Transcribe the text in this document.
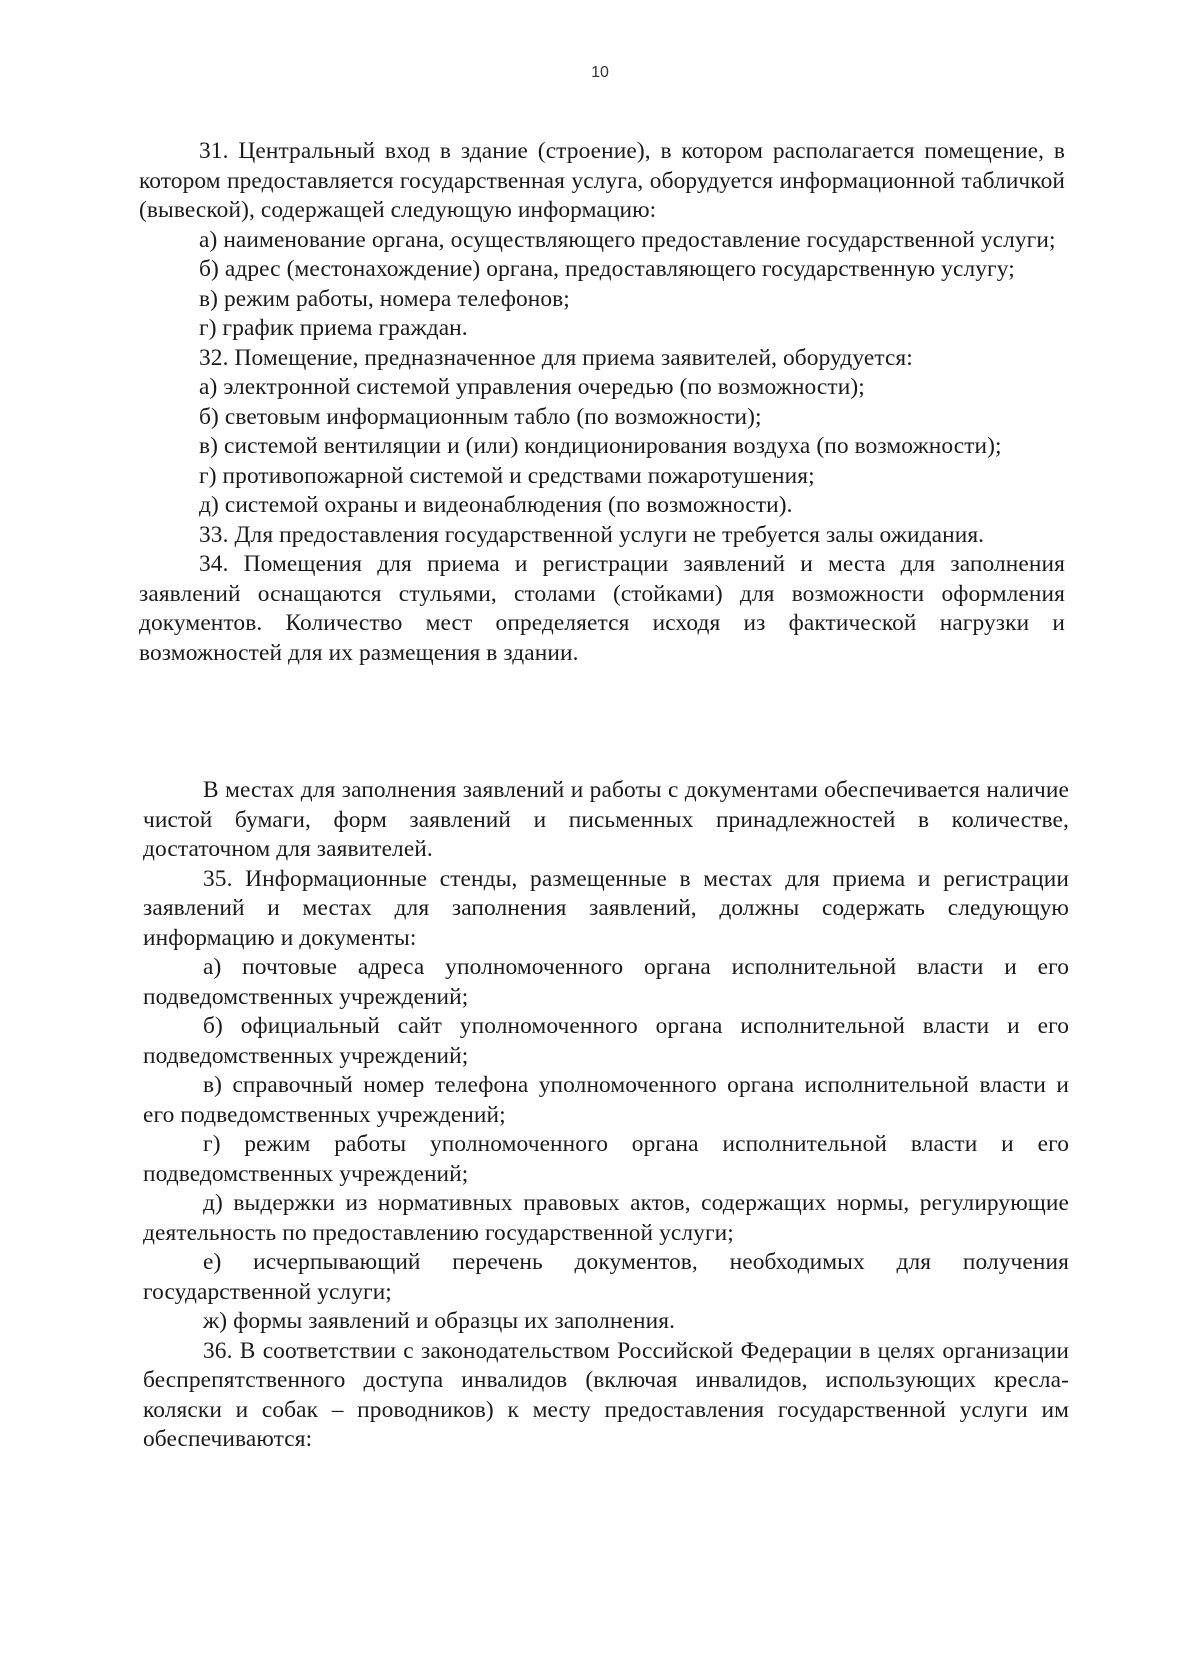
10

31. Центральный вход в здание (строение), в котором располагается помещение, в котором предоставляется государственная услуга, оборудуется информационной табличкой (вывеской), содержащей следующую информацию:

а) наименование органа, осуществляющего предоставление государственной услуги;

б) адрес (местонахождение) органа, предоставляющего государственную услугу;

в) режим работы, номера телефонов;

г) график приема граждан.

32. Помещение, предназначенное для приема заявителей, оборудуется:

а) электронной системой управления очередью (по возможности);

б) световым информационным табло (по возможности);

в) системой вентиляции и (или) кондиционирования воздуха (по возможности);

г) противопожарной системой и средствами пожаротушения;

д) системой охраны и видеонаблюдения (по возможности).

33. Для предоставления государственной услуги не требуется залы ожидания.

34. Помещения для приема и регистрации заявлений и места для заполнения заявлений оснащаются стульями, столами (стойками) для возможности оформления документов. Количество мест определяется исходя из фактической нагрузки и возможностей для их размещения в здании.

В местах для заполнения заявлений и работы с документами обеспечивается наличие чистой бумаги, форм заявлений и письменных принадлежностей в количестве, достаточном для заявителей.

35. Информационные стенды, размещенные в местах для приема и регистрации заявлений и местах для заполнения заявлений, должны содержать следующую информацию и документы:

а) почтовые адреса уполномоченного органа исполнительной власти и его подведомственных учреждений;

б) официальный сайт уполномоченного органа исполнительной власти и его подведомственных учреждений;

в) справочный номер телефона уполномоченного органа исполнительной власти и его подведомственных учреждений;

г) режим работы уполномоченного органа исполнительной власти и его подведомственных учреждений;

д) выдержки из нормативных правовых актов, содержащих нормы, регулирующие деятельность по предоставлению государственной услуги;

е) исчерпывающий перечень документов, необходимых для получения государственной услуги;

ж) формы заявлений и образцы их заполнения.

36. В соответствии с законодательством Российской Федерации в целях организации беспрепятственного доступа инвалидов (включая инвалидов, использующих кресла-коляски и собак – проводников) к месту предоставления государственной услуги им обеспечиваются:
